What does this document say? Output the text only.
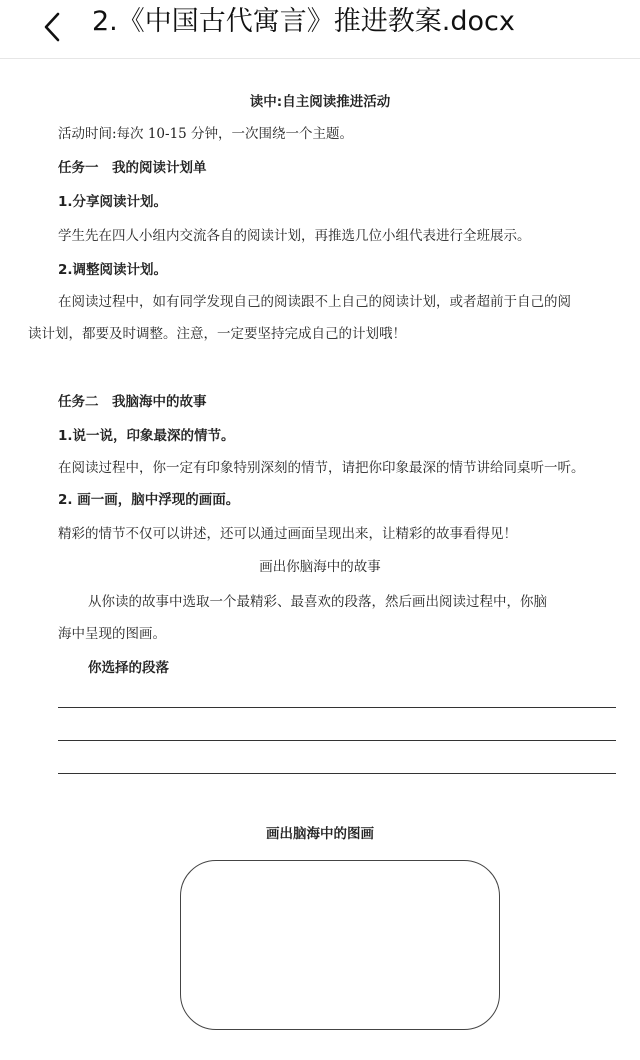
2.《中国古代寓言》推进教案.docx
读中:自主阅读推进活动
活动时间:每次 10-15 分钟，一次围绕一个主题。
任务一　我的阅读计划单
1.分享阅读计划。
学生先在四人小组内交流各自的阅读计划，再推选几位小组代表进行全班展示。
2.调整阅读计划。
在阅读过程中，如有同学发现自己的阅读跟不上自己的阅读计划，或者超前于自己的阅
读计划，都要及时调整。注意，一定要坚持完成自己的计划哦！
任务二　我脑海中的故事
1.说一说，印象最深的情节。
在阅读过程中，你一定有印象特别深刻的情节，请把你印象最深的情节讲给同桌听一听。
2. 画一画，脑中浮现的画面。
精彩的情节不仅可以讲述，还可以通过画面呈现出来，让精彩的故事看得见！
画出你脑海中的故事
从你读的故事中选取一个最精彩、最喜欢的段落，然后画出阅读过程中，你脑
海中呈现的图画。
你选择的段落
画出脑海中的图画
